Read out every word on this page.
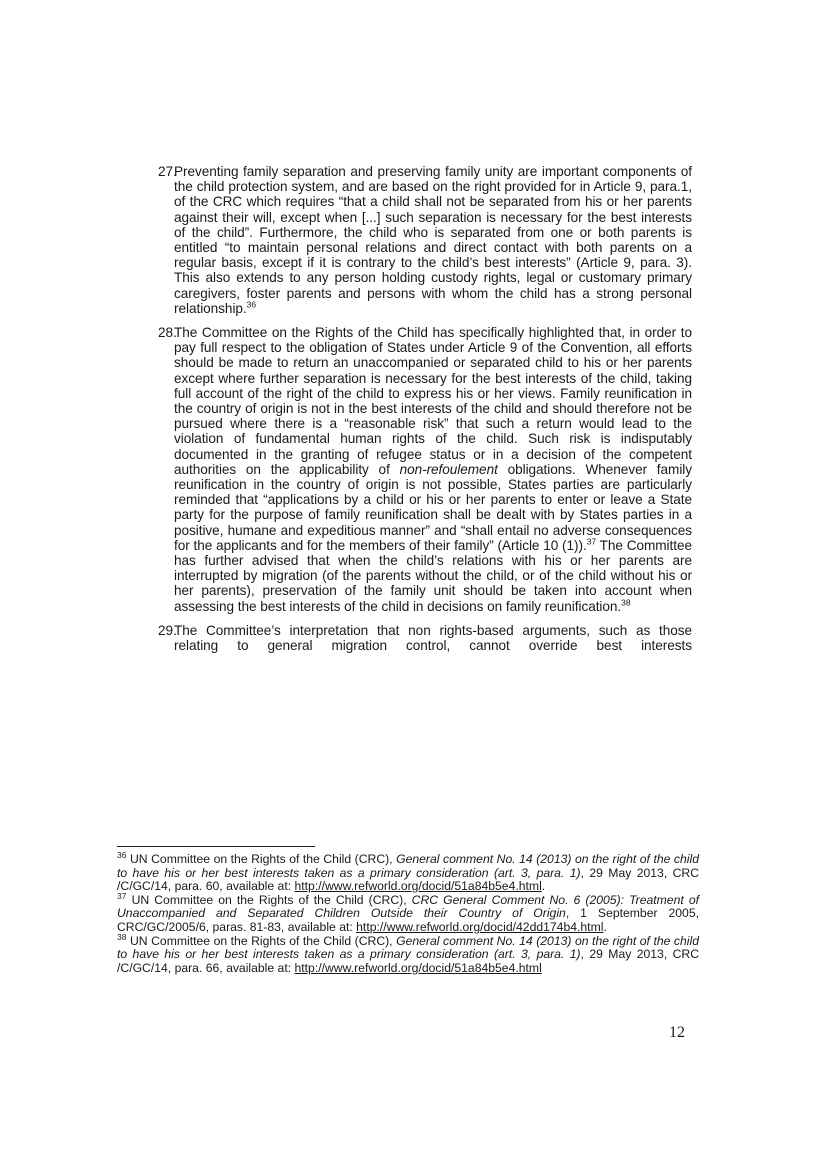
27.
Preventing family separation and preserving family unity are important components of the child protection system, and are based on the right provided for in Article 9, para.1, of the CRC which requires “that a child shall not be separated from his or her parents against their will, except when [...] such separation is necessary for the best interests of the child”. Furthermore, the child who is separated from one or both parents is entitled “to maintain personal relations and direct contact with both parents on a regular basis, except if it is contrary to the child’s best interests” (Article 9, para. 3). This also extends to any person holding custody rights, legal or customary primary caregivers, foster parents and persons with whom the child has a strong personal relationship.$^{36}$
28.
The Committee on the Rights of the Child has specifically highlighted that, in order to pay full respect to the obligation of States under Article 9 of the Convention, all efforts should be made to return an unaccompanied or separated child to his or her parents except where further separation is necessary for the best interests of the child, taking full account of the right of the child to express his or her views. Family reunification in the country of origin is not in the best interests of the child and should therefore not be pursued where there is a “reasonable risk” that such a return would lead to the violation of fundamental human rights of the child. Such risk is indisputably documented in the granting of refugee status or in a decision of the competent authorities on the applicability of non-refoulement obligations. Whenever family reunification in the country of origin is not possible, States parties are particularly reminded that “applications by a child or his or her parents to enter or leave a State party for the purpose of family reunification shall be dealt with by States parties in a positive, humane and expeditious manner” and “shall entail no adverse consequences for the applicants and for the members of their family” (Article 10 (1)).$^{37}$ The Committee has further advised that when the child’s relations with his or her parents are interrupted by migration (of the parents without the child, or of the child without his or her parents), preservation of the family unit should be taken into account when assessing the best interests of the child in decisions on family reunification.$^{38}$
29.
The Committee’s interpretation that non rights-based arguments, such as those relating to general migration control, cannot override best interests

$^{36}$ UN Committee on the Rights of the Child (CRC), General comment No. 14 (2013) on the right of the child to have his or her best interests taken as a primary consideration (art. 3, para. 1), 29 May 2013, CRC /C/GC/14, para. 60, available at: http://www.refworld.org/docid/51a84b5e4.html.

$^{37}$ UN Committee on the Rights of the Child (CRC), CRC General Comment No. 6 (2005): Treatment of Unaccompanied and Separated Children Outside their Country of Origin, 1 September 2005, CRC/GC/2005/6, paras. 81-83, available at: http://www.refworld.org/docid/42dd174b4.html.

$^{38}$ UN Committee on the Rights of the Child (CRC), General comment No. 14 (2013) on the right of the child to have his or her best interests taken as a primary consideration (art. 3, para. 1), 29 May 2013, CRC /C/GC/14, para. 66, available at: http://www.refworld.org/docid/51a84b5e4.html

12
